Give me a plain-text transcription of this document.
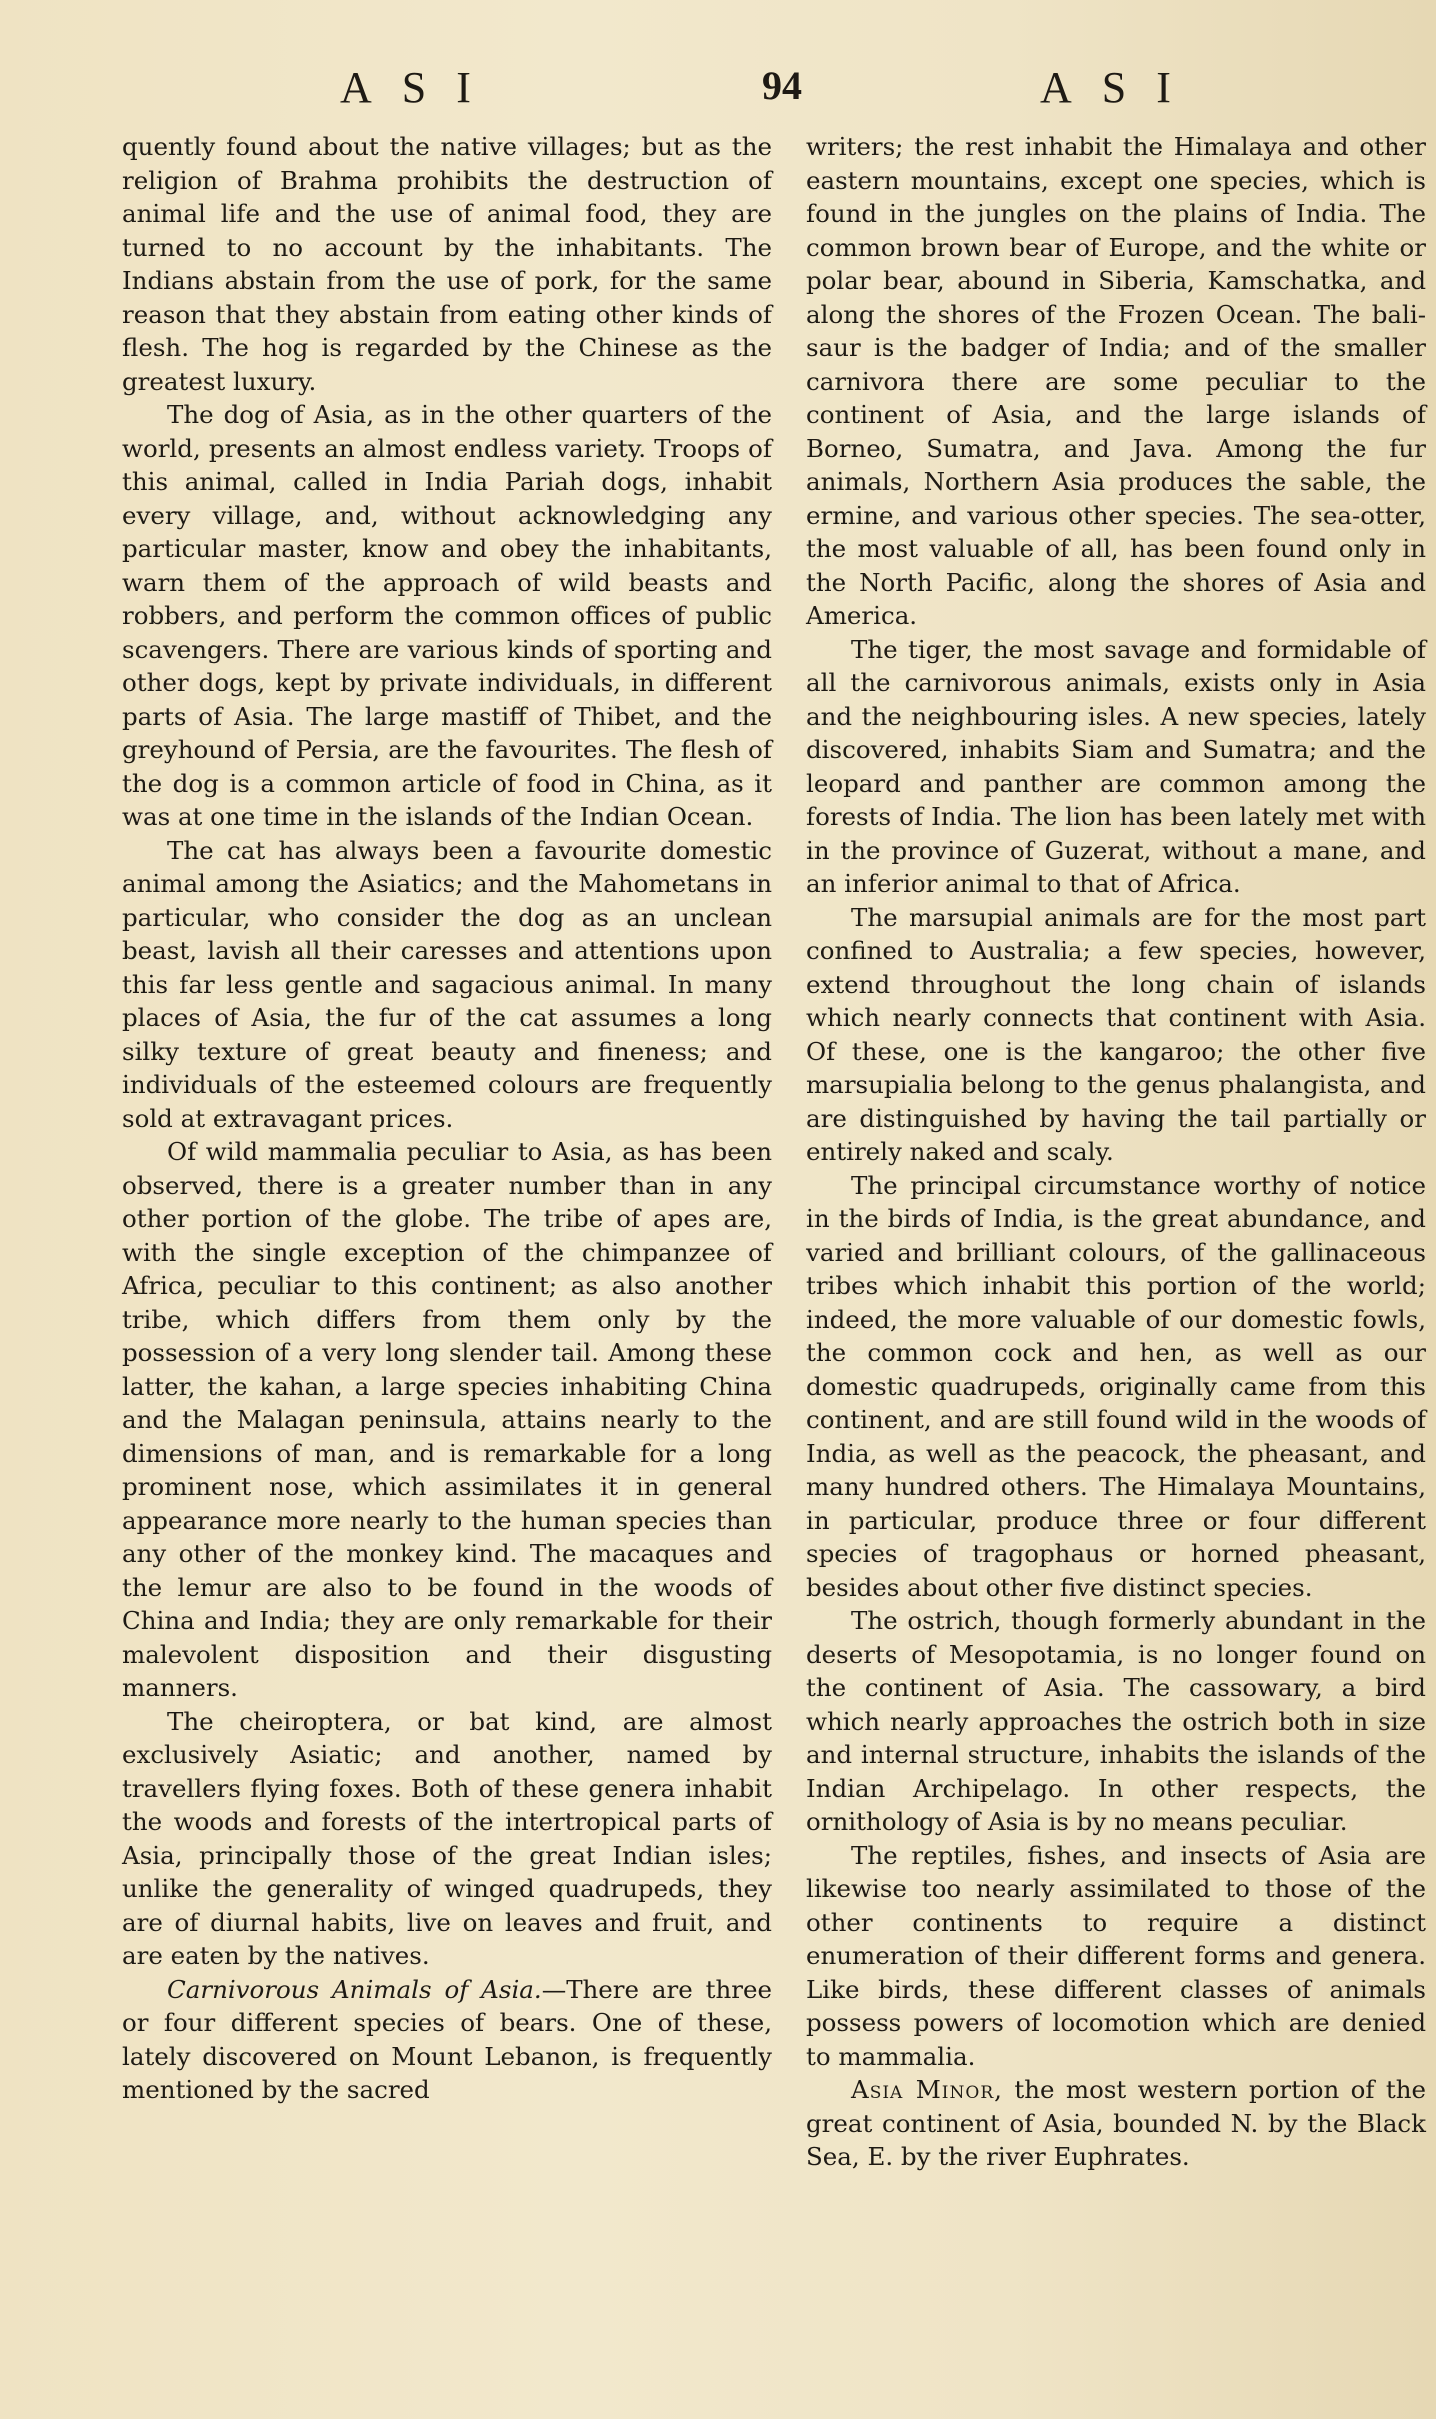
ASI	94	ASI

quently found about the native villages; but as the religion of Brahma prohibits the destruction of animal life and the use of animal food, they are turned to no account by the inhabitants. The Indians abstain from the use of pork, for the same reason that they abstain from eating other kinds of flesh. The hog is regarded by the Chinese as the greatest luxury.

The dog of Asia, as in the other quarters of the world, presents an almost endless variety. Troops of this animal, called in India Pariah dogs, inhabit every village, and, without acknowledging any particular master, know and obey the inhabitants, warn them of the approach of wild beasts and robbers, and perform the common offices of public scavengers. There are various kinds of sporting and other dogs, kept by private individuals, in different parts of Asia. The large mastiff of Thibet, and the greyhound of Persia, are the favourites. The flesh of the dog is a common article of food in China, as it was at one time in the islands of the Indian Ocean.

The cat has always been a favourite domestic animal among the Asiatics; and the Mahometans in particular, who consider the dog as an unclean beast, lavish all their caresses and attentions upon this far less gentle and sagacious animal. In many places of Asia, the fur of the cat assumes a long silky texture of great beauty and fineness; and individuals of the esteemed colours are frequently sold at extravagant prices.

Of wild mammalia peculiar to Asia, as has been observed, there is a greater number than in any other portion of the globe. The tribe of apes are, with the single exception of the chimpanzee of Africa, peculiar to this continent; as also another tribe, which differs from them only by the possession of a very long slender tail. Among these latter, the kahan, a large species inhabiting China and the Malagan peninsula, attains nearly to the dimensions of man, and is remarkable for a long prominent nose, which assimilates it in general appearance more nearly to the human species than any other of the monkey kind. The macaques and the lemur are also to be found in the woods of China and India; they are only remarkable for their malevolent disposition and their disgusting manners.

The cheiroptera, or bat kind, are almost exclusively Asiatic; and another, named by travellers flying foxes. Both of these genera inhabit the woods and forests of the intertropical parts of Asia, principally those of the great Indian isles; unlike the generality of winged quadrupeds, they are of diurnal habits, live on leaves and fruit, and are eaten by the natives.

Carnivorous Animals of Asia.—There are three or four different species of bears. One of these, lately discovered on Mount Lebanon, is frequently mentioned by the sacred

writers; the rest inhabit the Himalaya and other eastern mountains, except one species, which is found in the jungles on the plains of India. The common brown bear of Europe, and the white or polar bear, abound in Siberia, Kamschatka, and along the shores of the Frozen Ocean. The bali-saur is the badger of India; and of the smaller carnivora there are some peculiar to the continent of Asia, and the large islands of Borneo, Sumatra, and Java. Among the fur animals, Northern Asia produces the sable, the ermine, and various other species. The sea-otter, the most valuable of all, has been found only in the North Pacific, along the shores of Asia and America.

The tiger, the most savage and formidable of all the carnivorous animals, exists only in Asia and the neighbouring isles. A new species, lately discovered, inhabits Siam and Sumatra; and the leopard and panther are common among the forests of India. The lion has been lately met with in the province of Guzerat, without a mane, and an inferior animal to that of Africa.

The marsupial animals are for the most part confined to Australia; a few species, however, extend throughout the long chain of islands which nearly connects that continent with Asia. Of these, one is the kangaroo; the other five marsupialia belong to the genus phalangista, and are distinguished by having the tail partially or entirely naked and scaly.

The principal circumstance worthy of notice in the birds of India, is the great abundance, and varied and brilliant colours, of the gallinaceous tribes which inhabit this portion of the world; indeed, the more valuable of our domestic fowls, the common cock and hen, as well as our domestic quadrupeds, originally came from this continent, and are still found wild in the woods of India, as well as the peacock, the pheasant, and many hundred others. The Himalaya Mountains, in particular, produce three or four different species of tragophaus or horned pheasant, besides about other five distinct species.

The ostrich, though formerly abundant in the deserts of Mesopotamia, is no longer found on the continent of Asia. The cassowary, a bird which nearly approaches the ostrich both in size and internal structure, inhabits the islands of the Indian Archipelago. In other respects, the ornithology of Asia is by no means peculiar.

The reptiles, fishes, and insects of Asia are likewise too nearly assimilated to those of the other continents to require a distinct enumeration of their different forms and genera. Like birds, these different classes of animals possess powers of locomotion which are denied to mammalia.

Asia Minor, the most western portion of the great continent of Asia, bounded N. by the Black Sea, E. by the river Euphrates.
